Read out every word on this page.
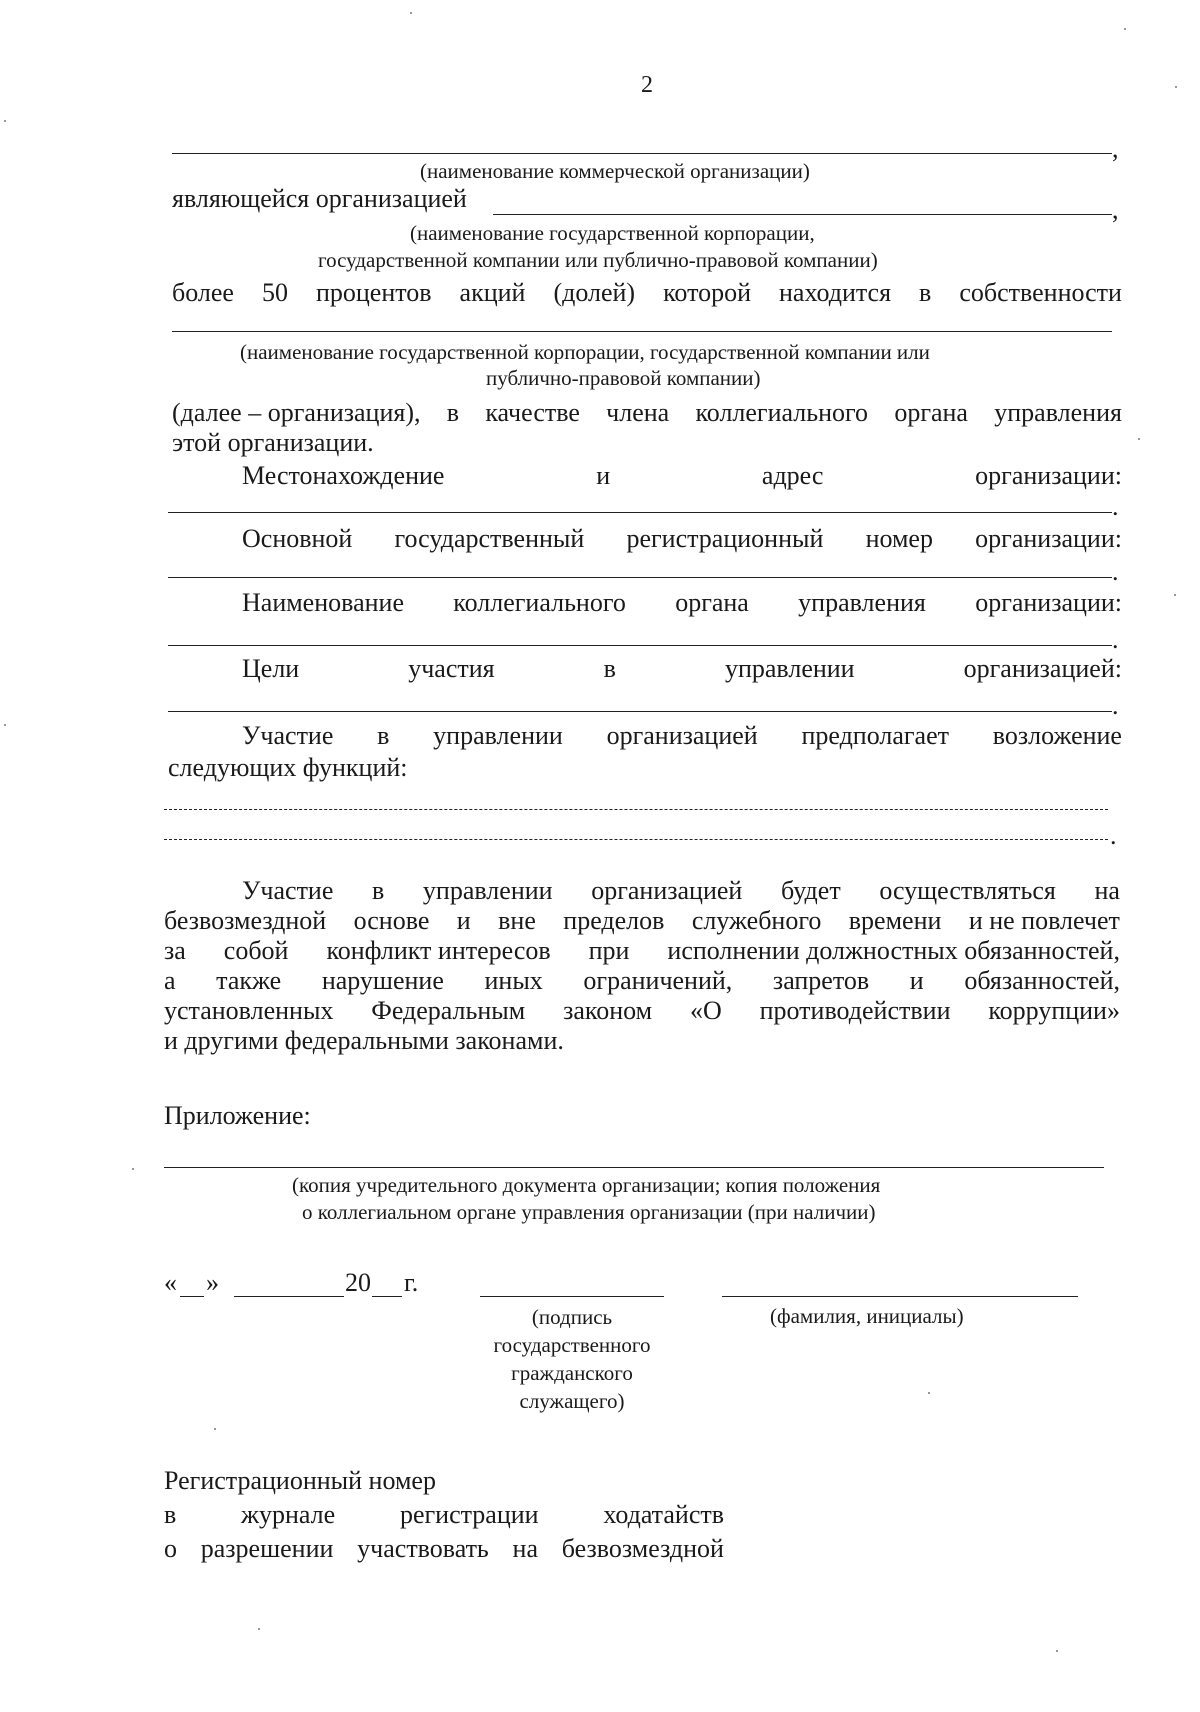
2
,
(наименование коммерческой организации)
являющейся организацией	,
(наименование государственной корпорации,
государственной компании или публично-правовой компании)
более 50 процентов акций (долей) которой находится в собственности
(наименование государственной корпорации, государственной компании или
публично-правовой компании)
(далее – организация), в качестве члена коллегиального органа управления
этой организации.
Местонахождение	и	адрес	организации:
.
Основной государственный регистрационный номер организации:
.
Наименование коллегиального органа управления организации:
.
Цели	участия	в	управлении	организацией:
.
Участие в управлении организацией предполагает возложение
следующих функций:
.
Участие в управлении организацией будет осуществляться на
безвозмездной основе и вне пределов служебного времени и не повлечет
за собой конфликт интересов при исполнении должностных обязанностей,
а также нарушение иных ограничений, запретов и обязанностей,
установленных Федеральным законом «О противодействии коррупции»
и другими федеральными законами.
Приложение:
(копия учредительного документа организации; копия положения
о коллегиальном органе управления организации (при наличии)
« »	20 г.
(подпись
государственного
гражданского
служащего)
(фамилия, инициалы)
Регистрационный номер
в журнале регистрации ходатайств
о разрешении участвовать на безвозмездной
